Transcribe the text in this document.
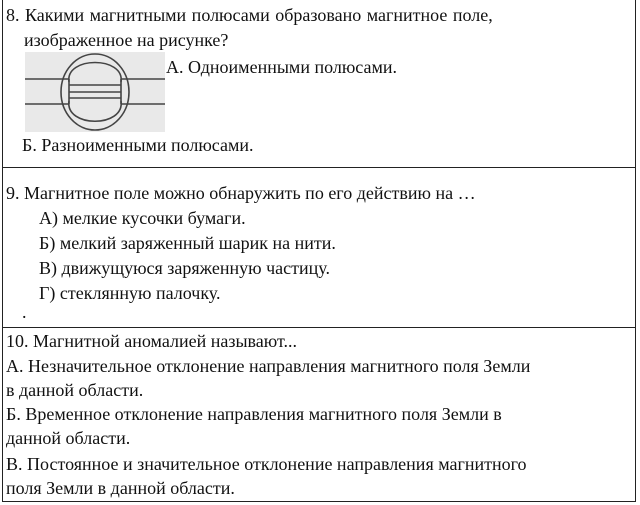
8. Какими магнитными полюсами образовано магнитное поле,
изображенное на рисунке?
А. Одноименными полюсами.
Б. Разноименными полюсами.
9. Магнитное поле можно обнаружить по его действию на …
А) мелкие кусочки бумаги.
Б) мелкий заряженный шарик на нити.
В) движущуюся заряженную частицу.
Г) стеклянную палочку.
.
10. Магнитной аномалией называют...
А. Незначительное отклонение направления магнитного поля Земли
в данной области.
Б. Временное отклонение направления магнитного поля Земли в
данной области.
В. Постоянное и значительное отклонение направления магнитного
поля Земли в данной области.
